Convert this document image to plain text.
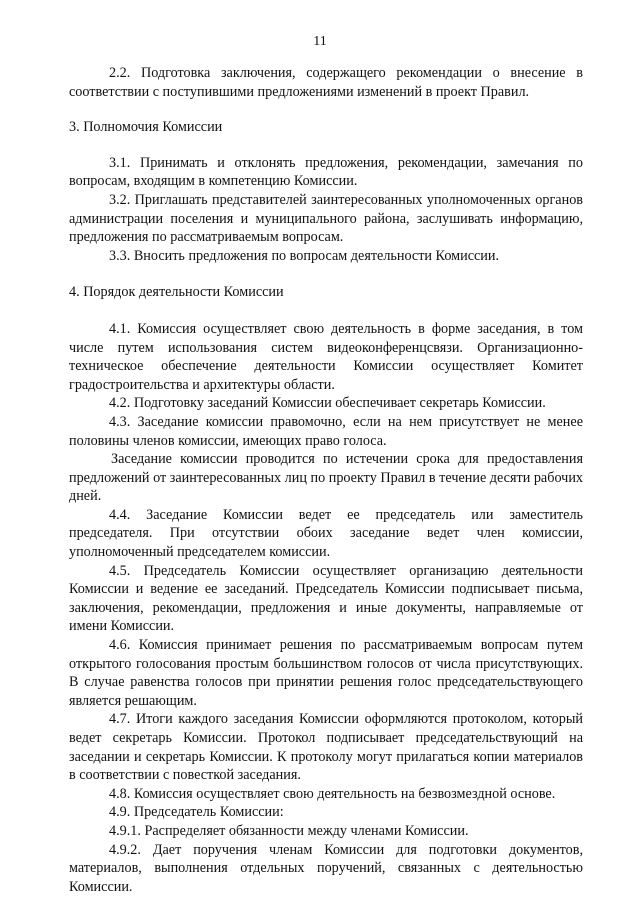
11

2.2. Подготовка заключения, содержащего рекомендации о внесение в соответствии с поступившими предложениями изменений в проект Правил.

3. Полномочия Комиссии

3.1. Принимать и отклонять предложения, рекомендации, замечания по вопросам, входящим в компетенцию Комиссии.

3.2. Приглашать представителей заинтересованных уполномоченных органов администрации поселения и муниципального района, заслушивать информацию, предложения по рассматриваемым вопросам.

3.3. Вносить предложения по вопросам деятельности Комиссии.

4. Порядок деятельности Комиссии

4.1. Комиссия осуществляет свою деятельность в форме заседания, в том числе путем использования систем видеоконференцсвязи. Организационно-техническое обеспечение деятельности Комиссии осуществляет Комитет градостроительства и архитектуры области.

4.2. Подготовку заседаний Комиссии обеспечивает секретарь Комиссии.

4.3. Заседание комиссии правомочно, если на нем присутствует не менее половины членов комиссии, имеющих право голоса.

Заседание комиссии проводится по истечении срока для предоставления предложений от заинтересованных лиц по проекту Правил в течение десяти рабочих дней.

4.4. Заседание Комиссии ведет ее председатель или заместитель председателя. При отсутствии обоих заседание ведет член комиссии, уполномоченный председателем комиссии.

4.5. Председатель Комиссии осуществляет организацию деятельности Комиссии и ведение ее заседаний. Председатель Комиссии подписывает письма, заключения, рекомендации, предложения и иные документы, направляемые от имени Комиссии.

4.6. Комиссия принимает решения по рассматриваемым вопросам путем открытого голосования простым большинством голосов от числа присутствующих. В случае равенства голосов при принятии решения голос председательствующего является решающим.

4.7. Итоги каждого заседания Комиссии оформляются протоколом, который ведет секретарь Комиссии. Протокол подписывает председательствующий на заседании и секретарь Комиссии. К протоколу могут прилагаться копии материалов в соответствии с повесткой заседания.

4.8. Комиссия осуществляет свою деятельность на безвозмездной основе.

4.9. Председатель Комиссии:

4.9.1. Распределяет обязанности между членами Комиссии.

4.9.2. Дает поручения членам Комиссии для подготовки документов, материалов, выполнения отдельных поручений, связанных с деятельностью Комиссии.
